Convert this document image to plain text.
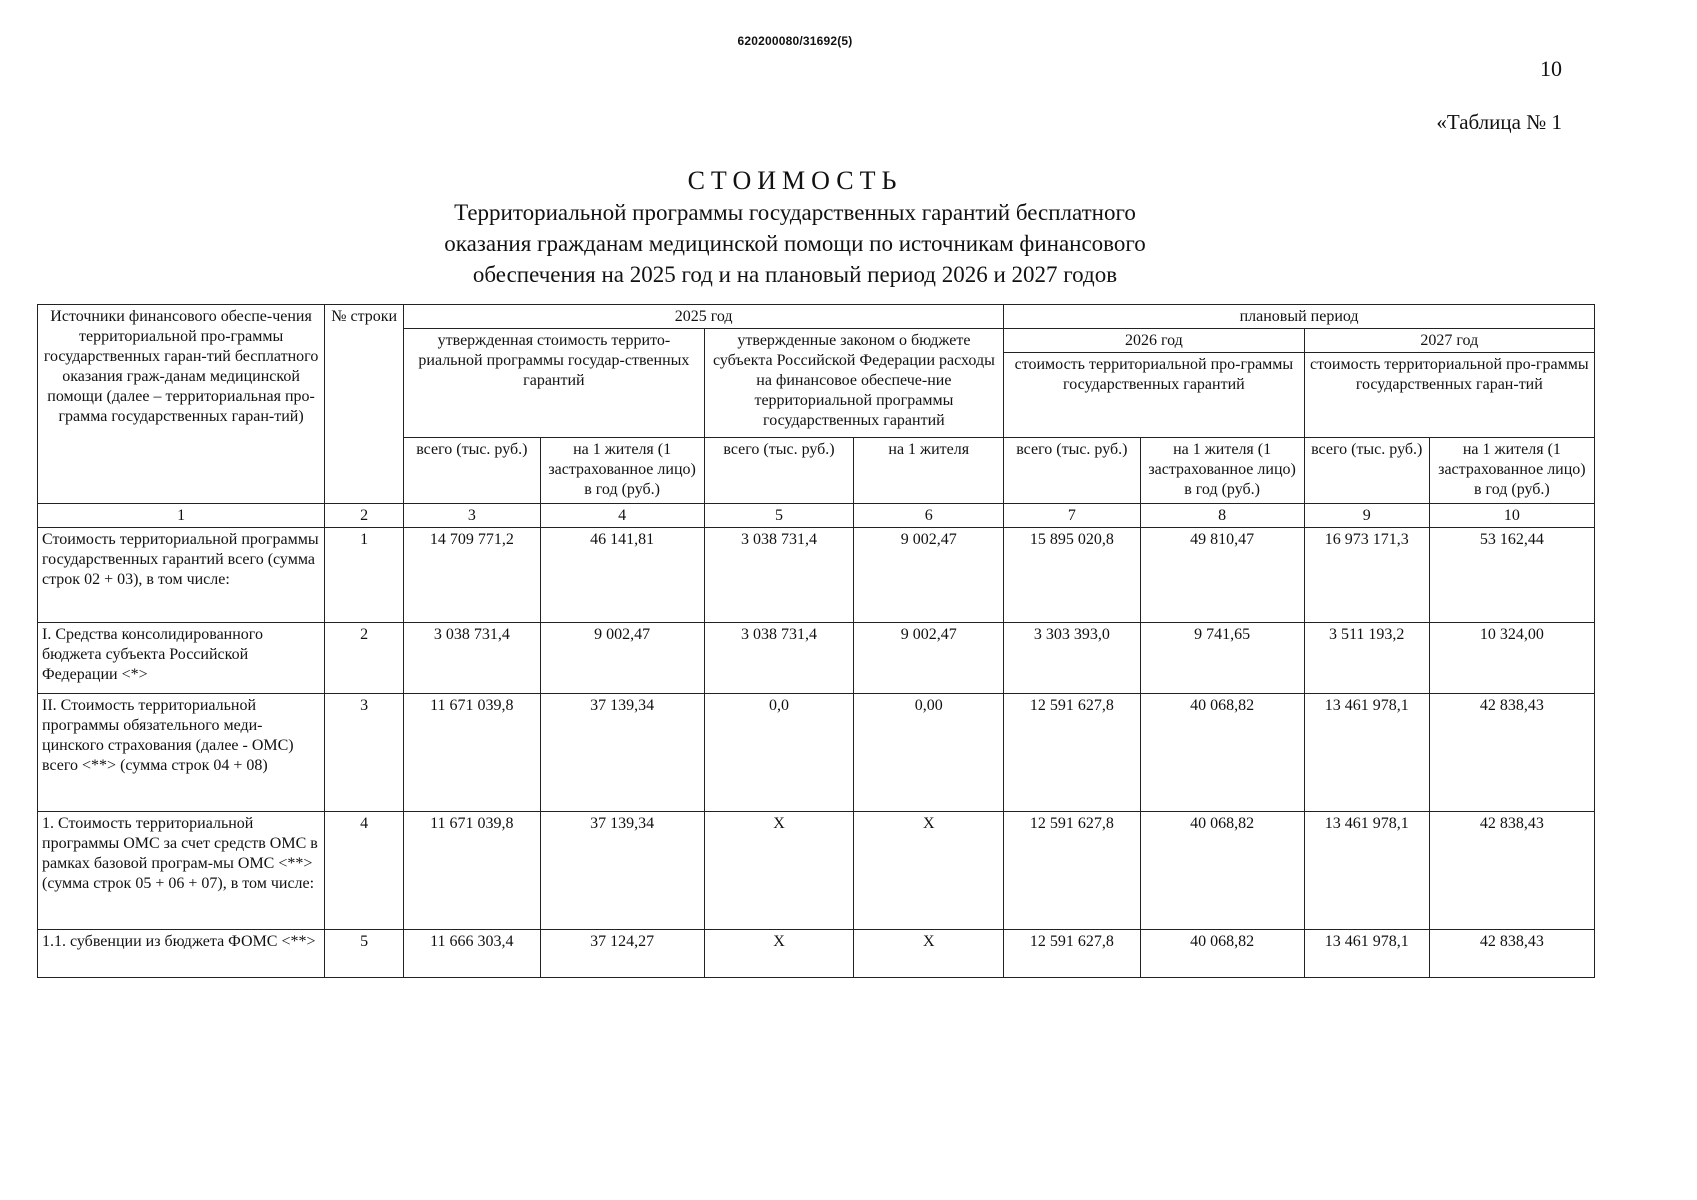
620200080/31692(5)
10
«Таблица № 1
СТОИМОСТЬ
Территориальной программы государственных гарантий бесплатного
оказания гражданам медицинской помощи по источникам финансового
обеспечения на 2025 год и на плановый период 2026 и 2027 годов
Источники финансового обеспе-чения территориальной про-граммы государственных гаран-тий бесплатного оказания граж-данам медицинской помощи (далее – территориальная про-грамма государственных гаран-тий)	№ строки	2025 год				плановый период			
		утвержденная стоимость террито-риальной программы государ-ственных гарантий		утвержденные законом о бюджете субъекта Российской Федерации расходы на финансовое обеспече-ние территориальной программы государственных гарантий		2026 год		2027 год	
						стоимость территориальной про-граммы государственных гарантий		стоимость территориальной про-граммы государственных гаран-тий	
		всего (тыс. руб.)	на 1 жителя (1 застрахованное лицо) в год (руб.)	всего (тыс. руб.)	на 1 жителя	всего (тыс. руб.)	на 1 жителя (1 застрахованное лицо) в год (руб.)	всего (тыс. руб.)	на 1 жителя (1 застрахованное лицо) в год (руб.)
1	2	3	4	5	6	7	8	9	10
Стоимость территориальной программы государственных гарантий всего (сумма строк 02 + 03), в том числе:	1	14 709 771,2	46 141,81	3 038 731,4	9 002,47	15 895 020,8	49 810,47	16 973 171,3	53 162,44
I. Средства консолидированного бюджета субъекта Российской Федерации <*>	2	3 038 731,4	9 002,47	3 038 731,4	9 002,47	3 303 393,0	9 741,65	3 511 193,2	10 324,00
II. Стоимость территориальной программы обязательного меди-цинского страхования (далее - ОМС) всего <**> (сумма строк 04 + 08)	3	11 671 039,8	37 139,34	0,0	0,00	12 591 627,8	40 068,82	13 461 978,1	42 838,43
1. Стоимость территориальной программы ОМС за счет средств ОМС в рамках базовой програм-мы ОМС <**> (сумма строк 05 + 06 + 07), в том числе:	4	11 671 039,8	37 139,34	X	X	12 591 627,8	40 068,82	13 461 978,1	42 838,43
1.1. субвенции из бюджета ФОМС <**>	5	11 666 303,4	37 124,27	X	X	12 591 627,8	40 068,82	13 461 978,1	42 838,43
